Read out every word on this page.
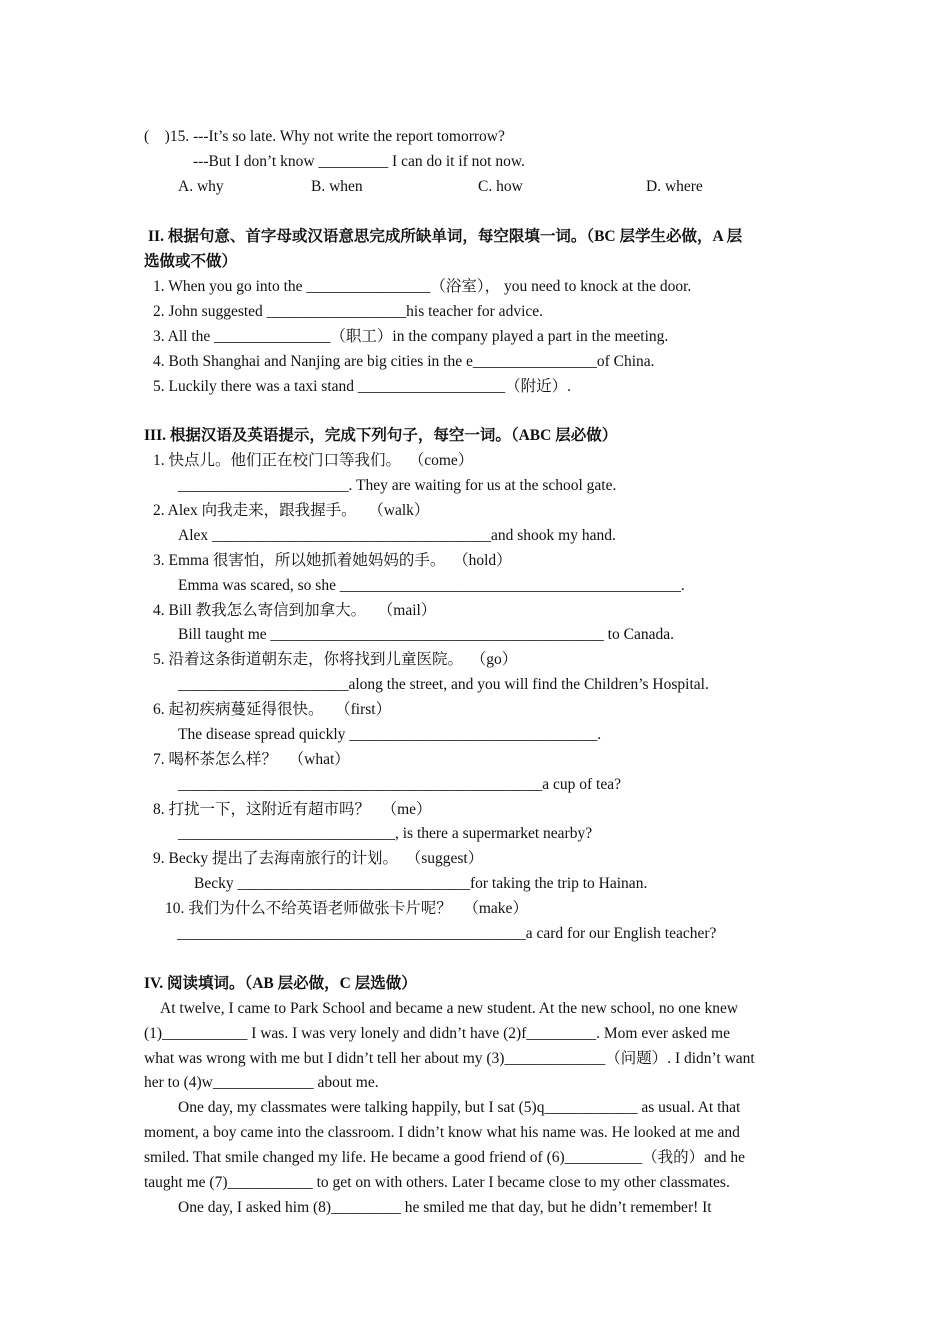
(    )15. ---It’s so late. Why not write the report tomorrow?
---But I don’t know _________ I can do it if not now.
A. why	B. when	C. how	D. where
II. 根据句意、首字母或汉语意思完成所缺单词，每空限填一词。（BC 层学生必做，A 层
选做或不做）
1. When you go into the ________________（浴室）， you need to knock at the door.
2. John suggested __________________his teacher for advice.
3. All the _______________（职工）in the company played a part in the meeting.
4. Both Shanghai and Nanjing are big cities in the e________________of China.
5. Luckily there was a taxi stand ___________________（附近）.
III. 根据汉语及英语提示，完成下列句子，每空一词。（ABC 层必做）
1. 快点儿。他们正在校门口等我们。  （come）
______________________. They are waiting for us at the school gate.
2. Alex 向我走来，跟我握手。   （walk）
Alex ____________________________________and shook my hand.
3. Emma 很害怕，所以她抓着她妈妈的手。  （hold）
Emma was scared, so she ____________________________________________.
4. Bill 教我怎么寄信到加拿大。   （mail）
Bill taught me ___________________________________________ to Canada.
5. 沿着这条街道朝东走，你将找到儿童医院。  （go）
______________________along the street, and you will find the Children’s Hospital.
6. 起初疾病蔓延得很快。   （first）
The disease spread quickly ________________________________.
7. 喝杯茶怎么样？   （what）
_______________________________________________a cup of tea?
8. 打扰一下，这附近有超市吗？   （me）
____________________________, is there a supermarket nearby?
9. Becky 提出了去海南旅行的计划。  （suggest）
Becky ______________________________for taking the trip to Hainan.
10. 我们为什么不给英语老师做张卡片呢？   （make）
_____________________________________________a card for our English teacher?
IV. 阅读填词。（AB 层必做，C 层选做）
At twelve, I came to Park School and became a new student. At the new school, no one knew
(1)___________ I was. I was very lonely and didn’t have (2)f_________. Mom ever asked me
what was wrong with me but I didn’t tell her about my (3)_____________（问题）. I didn’t want
her to (4)w_____________ about me.
One day, my classmates were talking happily, but I sat (5)q____________ as usual. At that
moment, a boy came into the classroom. I didn’t know what his name was. He looked at me and
smiled. That smile changed my life. He became a good friend of (6)__________（我的）and he
taught me (7)___________ to get on with others. Later I became close to my other classmates.
One day, I asked him (8)_________ he smiled me that day, but he didn’t remember! It
